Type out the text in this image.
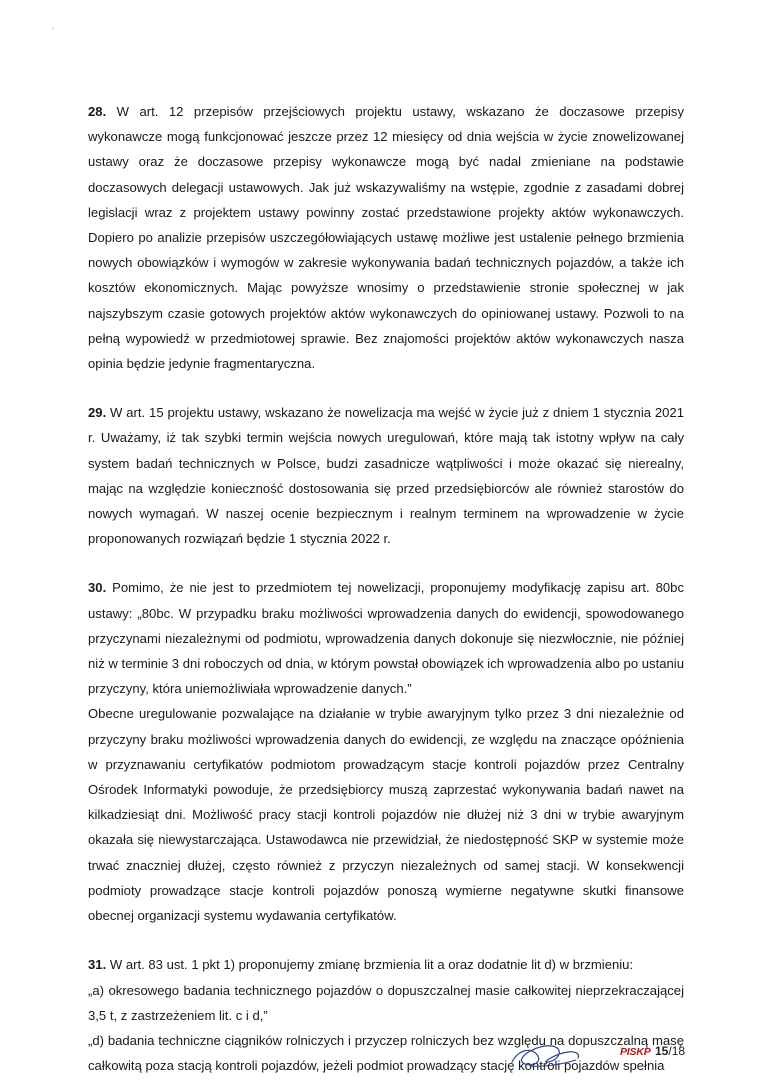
'

28. W art. 12 przepisów przejściowych projektu ustawy, wskazano że doczasowe przepisy wykonawcze mogą funkcjonować jeszcze przez 12 miesięcy od dnia wejścia w życie znowelizowanej ustawy oraz że doczasowe przepisy wykonawcze mogą być nadal zmieniane na podstawie doczasowych delegacji ustawowych. Jak już wskazywaliśmy na wstępie, zgodnie z zasadami dobrej legislacji wraz z projektem ustawy powinny zostać przedstawione projekty aktów wykonawczych. Dopiero po analizie przepisów uszczegółowiających ustawę możliwe jest ustalenie pełnego brzmienia nowych obowiązków i wymogów w zakresie wykonywania badań technicznych pojazdów, a także ich kosztów ekonomicznych. Mając powyższe wnosimy o przedstawienie stronie społecznej w jak najszybszym czasie gotowych projektów aktów wykonawczych do opiniowanej ustawy. Pozwoli to na pełną wypowiedź w przedmiotowej sprawie. Bez znajomości projektów aktów wykonawczych nasza opinia będzie jedynie fragmentaryczna.

29. W art. 15 projektu ustawy, wskazano że nowelizacja ma wejść w życie już z dniem 1 stycznia 2021 r. Uważamy, iż tak szybki termin wejścia nowych uregulowań, które mają tak istotny wpływ na cały system badań technicznych w Polsce, budzi zasadnicze wątpliwości i może okazać się nierealny, mając na względzie konieczność dostosowania się przed przedsiębiorców ale również starostów do nowych wymagań. W naszej ocenie bezpiecznym i realnym terminem na wprowadzenie w życie proponowanych rozwiązań będzie 1 stycznia 2022 r.

30. Pomimo, że nie jest to przedmiotem tej nowelizacji, proponujemy modyfikację zapisu art. 80bc ustawy: „80bc. W przypadku braku możliwości wprowadzenia danych do ewidencji, spowodowanego przyczynami niezależnymi od podmiotu, wprowadzenia danych dokonuje się niezwłocznie, nie później niż w terminie 3 dni roboczych od dnia, w którym powstał obowiązek ich wprowadzenia albo po ustaniu przyczyny, która uniemożliwiała wprowadzenie danych.”

Obecne uregulowanie pozwalające na działanie w trybie awaryjnym tylko przez 3 dni niezależnie od przyczyny braku możliwości wprowadzenia danych do ewidencji, ze względu na znaczące opóźnienia w przyznawaniu certyfikatów podmiotom prowadzącym stacje kontroli pojazdów przez Centralny Ośrodek Informatyki powoduje, że przedsiębiorcy muszą zaprzestać wykonywania badań nawet na kilkadziesiąt dni. Możliwość pracy stacji kontroli pojazdów nie dłużej niż 3 dni w trybie awaryjnym okazała się niewystarczająca. Ustawodawca nie przewidział, że niedostępność SKP w systemie może trwać znaczniej dłużej, często również z przyczyn niezależnych od samej stacji. W konsekwencji podmioty prowadzące stacje kontroli pojazdów ponoszą wymierne negatywne skutki finansowe obecnej organizacji systemu wydawania certyfikatów.

31. W art. 83 ust. 1 pkt 1) proponujemy zmianę brzmienia lit a oraz dodatnie lit d) w brzmieniu:

„a) okresowego badania technicznego pojazdów o dopuszczalnej masie całkowitej nieprzekraczającej 3,5 t, z zastrzeżeniem lit. c i d,”

„d) badania techniczne ciągników rolniczych i przyczep rolniczych bez względu na dopuszczalną masę całkowitą poza stacją kontroli pojazdów, jeżeli podmiot prowadzący stację kontroli pojazdów spełnia

PISKP 15/18
